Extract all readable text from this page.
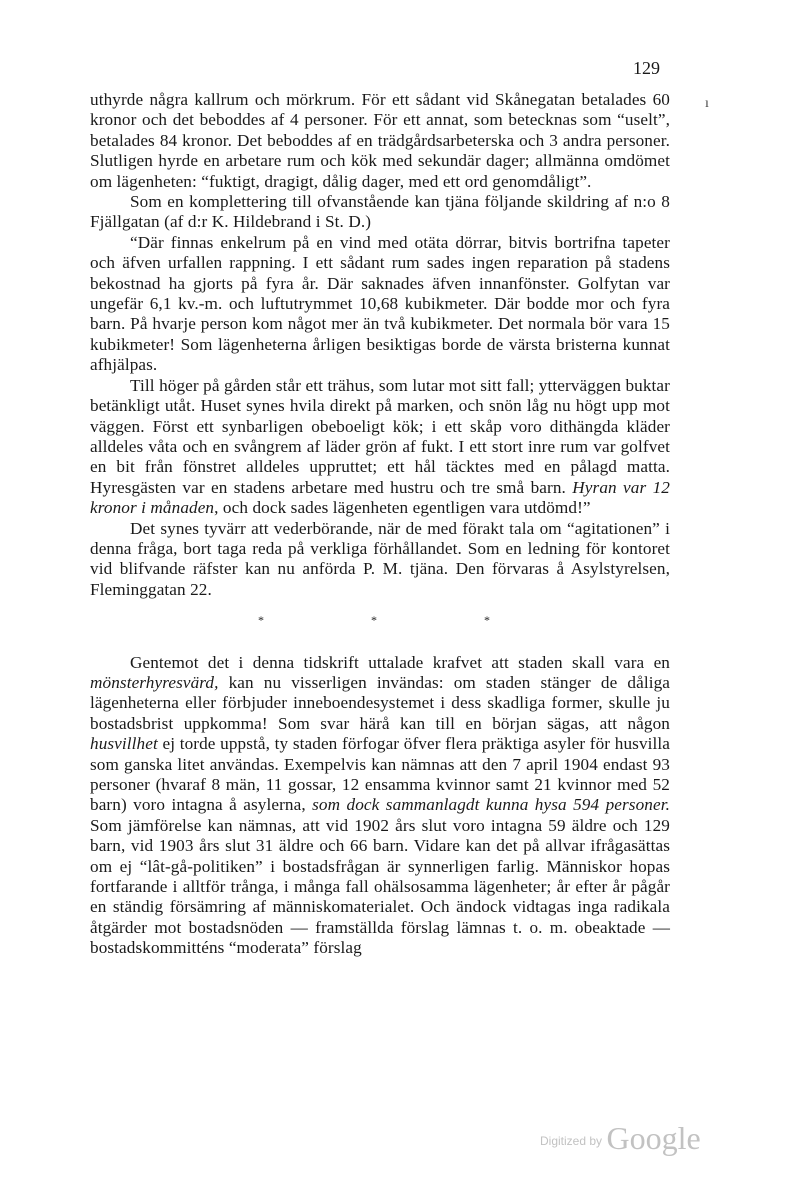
129
ı

uthyrde några kallrum och mörkrum. För ett sådant vid Skånegatan betalades 60 kronor och det beboddes af 4 personer. För ett annat, som betecknas som “uselt”, betalades 84 kronor. Det beboddes af en trädgårdsarbeterska och 3 andra personer. Slutligen hyrde en arbetare rum och kök med sekundär dager; allmänna omdömet om lägenheten: “fuktigt, dragigt, dålig dager, med ett ord genomdåligt”.

Som en komplettering till ofvanstående kan tjäna följande skildring af n:o 8 Fjällgatan (af d:r K. Hildebrand i St. D.)

“Där finnas enkelrum på en vind med otäta dörrar, bitvis bortrifna tapeter och äfven urfallen rappning. I ett sådant rum sades ingen reparation på stadens bekostnad ha gjorts på fyra år. Där saknades äfven innanfönster. Golfytan var ungefär 6,1 kv.-m. och luftutrymmet 10,68 kubikmeter. Där bodde mor och fyra barn. På hvarje person kom något mer än två kubikmeter. Det normala bör vara 15 kubikmeter! Som lägenheterna årligen besiktigas borde de värsta bristerna kunnat afhjälpas.

Till höger på gården står ett trähus, som lutar mot sitt fall; ytterväggen buktar betänkligt utåt. Huset synes hvila direkt på marken, och snön låg nu högt upp mot väggen. Först ett synbarligen obeboeligt kök; i ett skåp voro dithängda kläder alldeles våta och en svångrem af läder grön af fukt. I ett stort inre rum var golfvet en bit från fönstret alldeles uppruttet; ett hål täcktes med en pålagd matta. Hyresgästen var en stadens arbetare med hustru och tre små barn. Hyran var 12 kronor i månaden, och dock sades lägenheten egentligen vara utdömd!”

Det synes tyvärr att vederbörande, när de med förakt tala om “agitationen” i denna fråga, bort taga reda på verkliga förhållandet. Som en ledning för kontoret vid blifvande räfster kan nu anförda P. M. tjäna. Den förvaras å Asylstyrelsen, Fleminggatan 22.

* * *

Gentemot det i denna tidskrift uttalade krafvet att staden skall vara en mönsterhyresvärd, kan nu visserligen invändas: om staden stänger de dåliga lägenheterna eller förbjuder inneboendesystemet i dess skadliga former, skulle ju bostadsbrist uppkomma! Som svar härå kan till en början sägas, att någon husvillhet ej torde uppstå, ty staden förfogar öfver flera präktiga asyler för husvilla som ganska litet användas. Exempelvis kan nämnas att den 7 april 1904 endast 93 personer (hvaraf 8 män, 11 gossar, 12 ensamma kvinnor samt 21 kvinnor med 52 barn) voro intagna å asylerna, som dock sammanlagdt kunna hysa 594 personer. Som jämförelse kan nämnas, att vid 1902 års slut voro intagna 59 äldre och 129 barn, vid 1903 års slut 31 äldre och 66 barn. Vidare kan det på allvar ifrågasättas om ej “lât-gå-politiken” i bostadsfrågan är synnerligen farlig. Människor hopas fortfarande i alltför trånga, i många fall ohälsosamma lägenheter; år efter år pågår en ständig försämring af människomaterialet. Och ändock vidtagas inga radikala åtgärder mot bostadsnöden — framställda förslag lämnas t. o. m. obeaktade — bostadskommitténs “moderata” förslag

$^{Digitized by}$ Google
